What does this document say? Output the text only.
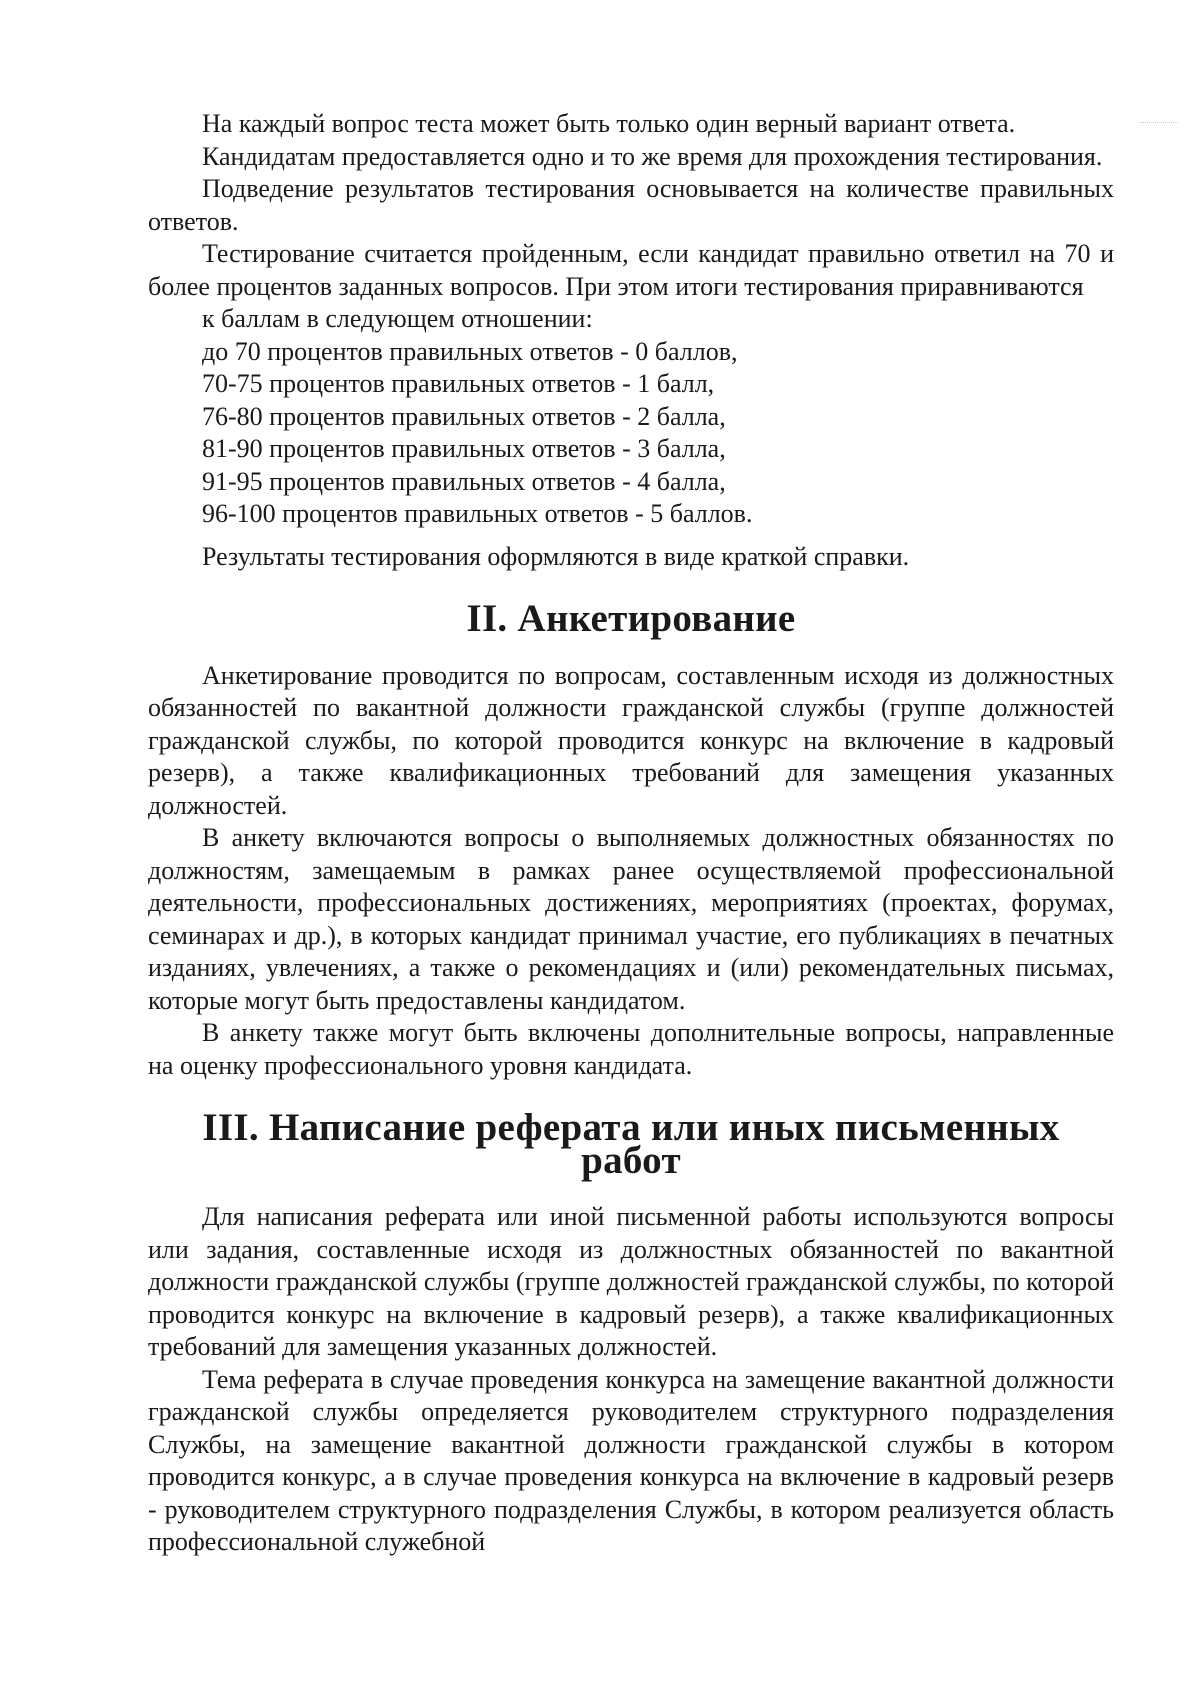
На каждый вопрос теста может быть только один верный вариант ответа.

Кандидатам предоставляется одно и то же время для прохождения тестирования.

Подведение результатов тестирования основывается на количестве правильных ответов.

Тестирование считается пройденным, если кандидат правильно ответил на 70 и более процентов заданных вопросов. При этом итоги тестирования приравниваются

к баллам в следующем отношении:

до 70 процентов правильных ответов - 0 баллов,

70-75 процентов правильных ответов - 1 балл,

76-80 процентов правильных ответов - 2 балла,

81-90 процентов правильных ответов - 3 балла,

91-95 процентов правильных ответов - 4 балла,

96-100 процентов правильных ответов - 5 баллов.

Результаты тестирования оформляются в виде краткой справки.

II. Анкетирование

Анкетирование проводится по вопросам, составленным исходя из должностных обязанностей по вакантной должности гражданской службы (группе должностей гражданской службы, по которой проводится конкурс на включение в кадровый резерв), а также квалификационных требований для замещения указанных должностей.

В анкету включаются вопросы о выполняемых должностных обязанностях по должностям, замещаемым в рамках ранее осуществляемой профессиональной деятельности, профессиональных достижениях, мероприятиях (проектах, форумах, семинарах и др.), в которых кандидат принимал участие, его публикациях в печатных изданиях, увлечениях, а также о рекомендациях и (или) рекомендательных письмах, которые могут быть предоставлены кандидатом.

В анкету также могут быть включены дополнительные вопросы, направленные на оценку профессионального уровня кандидата.

III. Написание реферата или иных письменных работ

Для написания реферата или иной письменной работы используются вопросы или задания, составленные исходя из должностных обязанностей по вакантной должности гражданской службы (группе должностей гражданской службы, по которой проводится конкурс на включение в кадровый резерв), а также квалификационных требований для замещения указанных должностей.

Тема реферата в случае проведения конкурса на замещение вакантной должности гражданской службы определяется руководителем структурного подразделения Службы, на замещение вакантной должности гражданской службы в котором проводится конкурс, а в случае проведения конкурса на включение в кадровый резерв - руководителем структурного подразделения Службы, в котором реализуется область профессиональной служебной
